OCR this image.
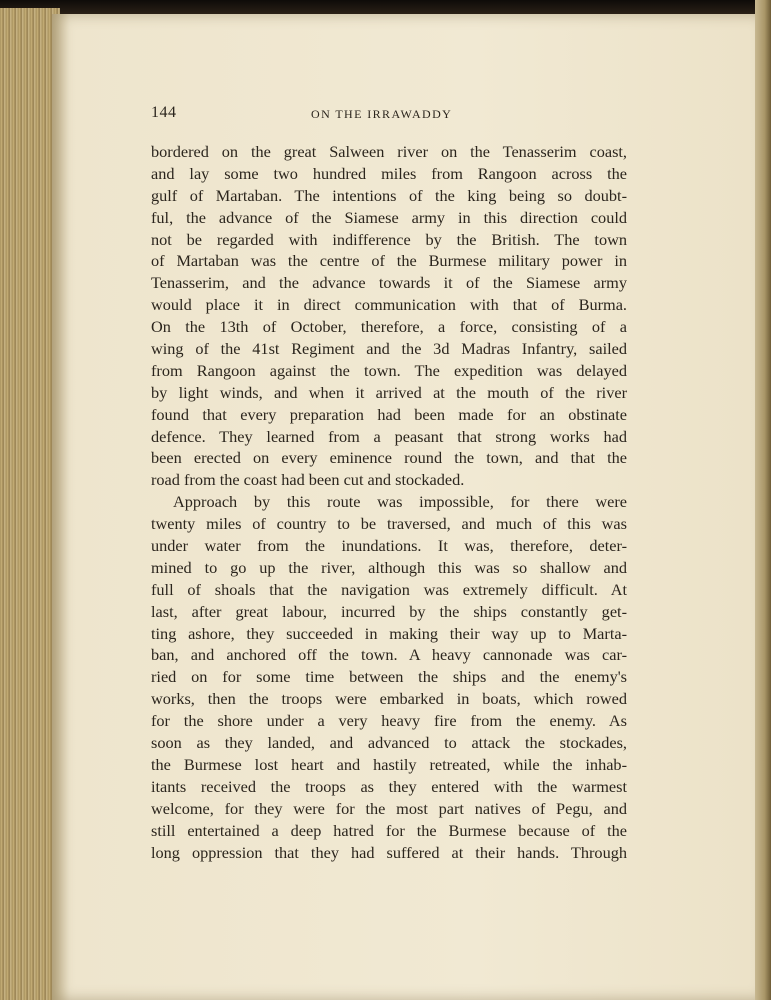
144	ON THE IRRAWADDY
bordered on the great Salween river on the Tenasserim coast,
and lay some two hundred miles from Rangoon across the
gulf of Martaban. The intentions of the king being so doubt-
ful, the advance of the Siamese army in this direction could
not be regarded with indifference by the British. The town
of Martaban was the centre of the Burmese military power in
Tenasserim, and the advance towards it of the Siamese army
would place it in direct communication with that of Burma.
On the 13th of October, therefore, a force, consisting of a
wing of the 41st Regiment and the 3d Madras Infantry, sailed
from Rangoon against the town. The expedition was delayed
by light winds, and when it arrived at the mouth of the river
found that every preparation had been made for an obstinate
defence. They learned from a peasant that strong works had
been erected on every eminence round the town, and that the
road from the coast had been cut and stockaded.
Approach by this route was impossible, for there were
twenty miles of country to be traversed, and much of this was
under water from the inundations. It was, therefore, deter-
mined to go up the river, although this was so shallow and
full of shoals that the navigation was extremely difficult. At
last, after great labour, incurred by the ships constantly get-
ting ashore, they succeeded in making their way up to Marta-
ban, and anchored off the town. A heavy cannonade was car-
ried on for some time between the ships and the enemy's
works, then the troops were embarked in boats, which rowed
for the shore under a very heavy fire from the enemy. As
soon as they landed, and advanced to attack the stockades,
the Burmese lost heart and hastily retreated, while the inhab-
itants received the troops as they entered with the warmest
welcome, for they were for the most part natives of Pegu, and
still entertained a deep hatred for the Burmese because of the
long oppression that they had suffered at their hands. Through
